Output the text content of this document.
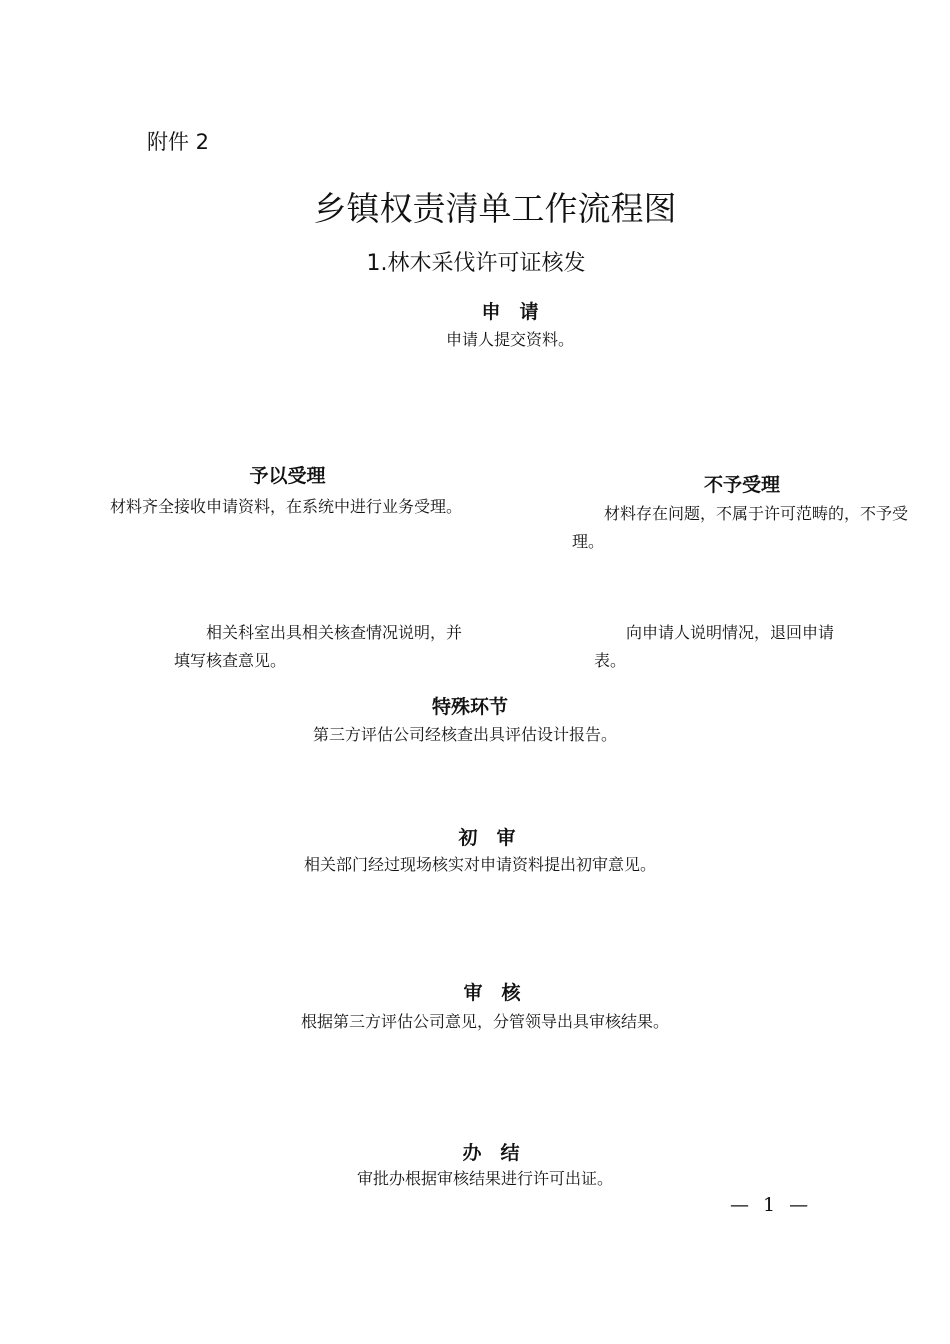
附件 2
乡镇权责清单工作流程图
1.林木采伐许可证核发
申　请
申请人提交资料。
予以受理
材料齐全接收申请资料，在系统中进行业务受理。
不予受理
材料存在问题，不属于许可范畴的，不予受理。
相关科室出具相关核查情况说明，并填写核查意见。
向申请人说明情况，退回申请表。
特殊环节
第三方评估公司经核查出具评估设计报告。
初　审
相关部门经过现场核实对申请资料提出初审意见。
审　核
根据第三方评估公司意见，分管领导出具审核结果。
办　结
审批办根据审核结果进行许可出证。
— 1 —
